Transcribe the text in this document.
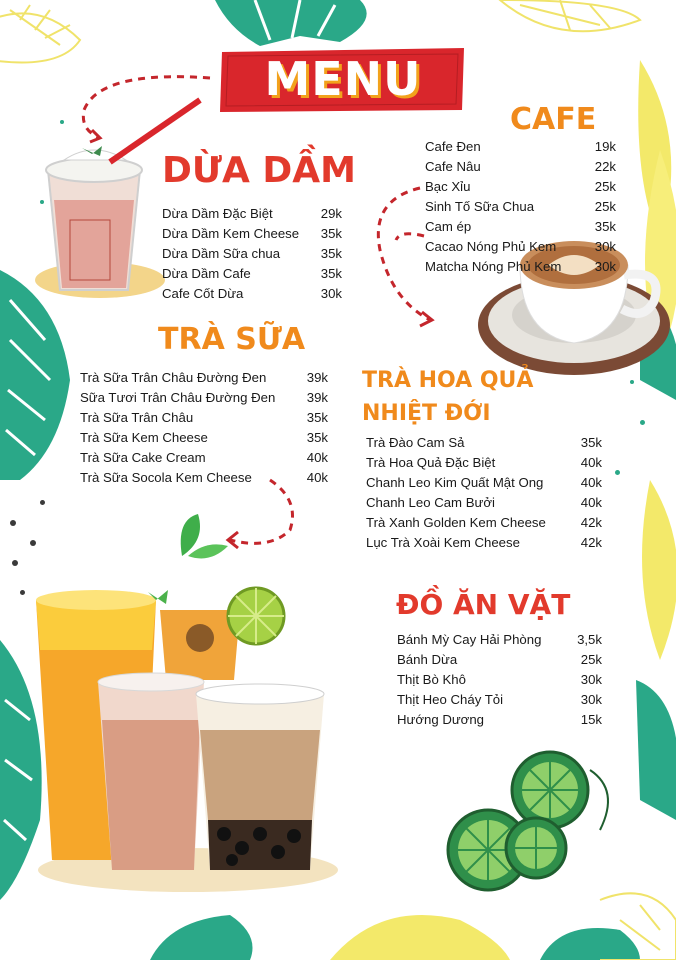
MENU
DỪA DẦM
Dừa Dầm Đặc Biệt	29k
Dừa Dầm Kem Cheese 35k
Dừa Dầm Sữa chua	35k
Dừa Dầm Cafe	35k
Cafe Cốt Dừa	30k
CAFE
Cafe Đen	19k
Cafe Nâu	22k
Bạc Xỉu	25k
Sinh Tố Sữa Chua	25k
Cam ép	35k
Cacao Nóng Phủ Kem	30k
Matcha Nóng Phủ Kem	30k
TRÀ SỮA
Trà Sữa Trân Châu Đường Đen	39k
Sữa Tươi Trân Châu Đường Đen 39k
Trà Sữa Trân Châu	35k
Trà Sữa Kem Cheese	35k
Trà Sữa Cake Cream	40k
Trà Sữa Socola Kem Cheese	40k
TRÀ HOA QUẢ
NHIỆT ĐỚI
Trà Đào Cam Sả	35k
Trà Hoa Quả Đặc Biệt	40k
Chanh Leo Kim Quất Mật Ong	40k
Chanh Leo Cam Bưởi	40k
Trà Xanh Golden Kem Cheese	42k
Lục Trà Xoài Kem Cheese	42k
ĐỒ ĂN VẶT
Bánh Mỳ Cay Hải Phòng	3,5k
Bánh Dừa	25k
Thịt Bò Khô	30k
Thịt Heo Cháy Tỏi	30k
Hướng Dương	15k
